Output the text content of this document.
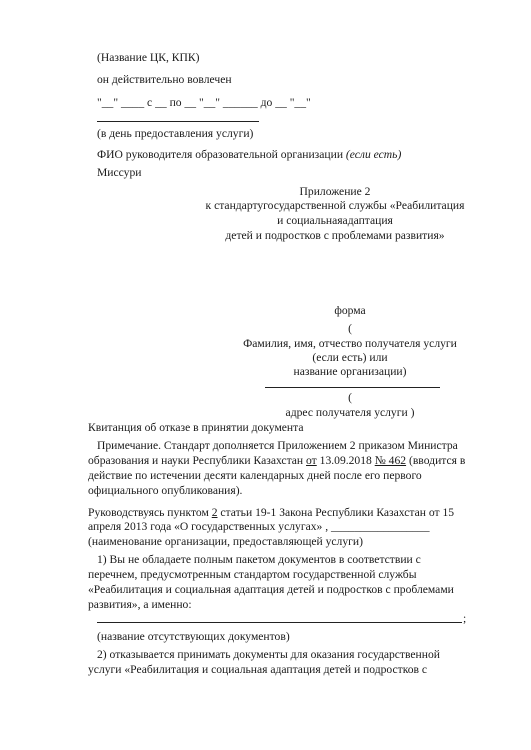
(Название ЦК, КПК)
он действительно вовлечен
"__" ____ с __ по __ "__" ______ до __ "__"
(в день предоставления услуги)
ФИО руководителя образовательной организации (если есть)
Миссури
Приложение 2
к стандартугосударственной службы «Реабилитация
и социальнаяадаптация
детей и подростков с проблемами развития»
форма
(
Фамилия, имя, отчество получателя услуги
(если есть) или
название организации)
(
адрес получателя услуги )
Квитанция об отказе в принятии документа
Примечание. Стандарт дополняется Приложением 2 приказом Министра
образования и науки Республики Казахстан от 13.09.2018 № 462 (вводится в
действие по истечении десяти календарных дней после его первого
официального опубликования).
Руководствуясь пунктом 2 статьи 19-1 Закона Республики Казахстан от 15
апреля 2013 года «О государственных услугах» , _________________
(наименование организации, предоставляющей услуги)
1) Вы не обладаете полным пакетом документов в соответствии с
перечнем, предусмотренным стандартом государственной службы
«Реабилитация и социальная адаптация детей и подростков с проблемами
развития», а именно:
;
(название отсутствующих документов)
2) отказывается принимать документы для оказания государственной
услуги «Реабилитация и социальная адаптация детей и подростков с
